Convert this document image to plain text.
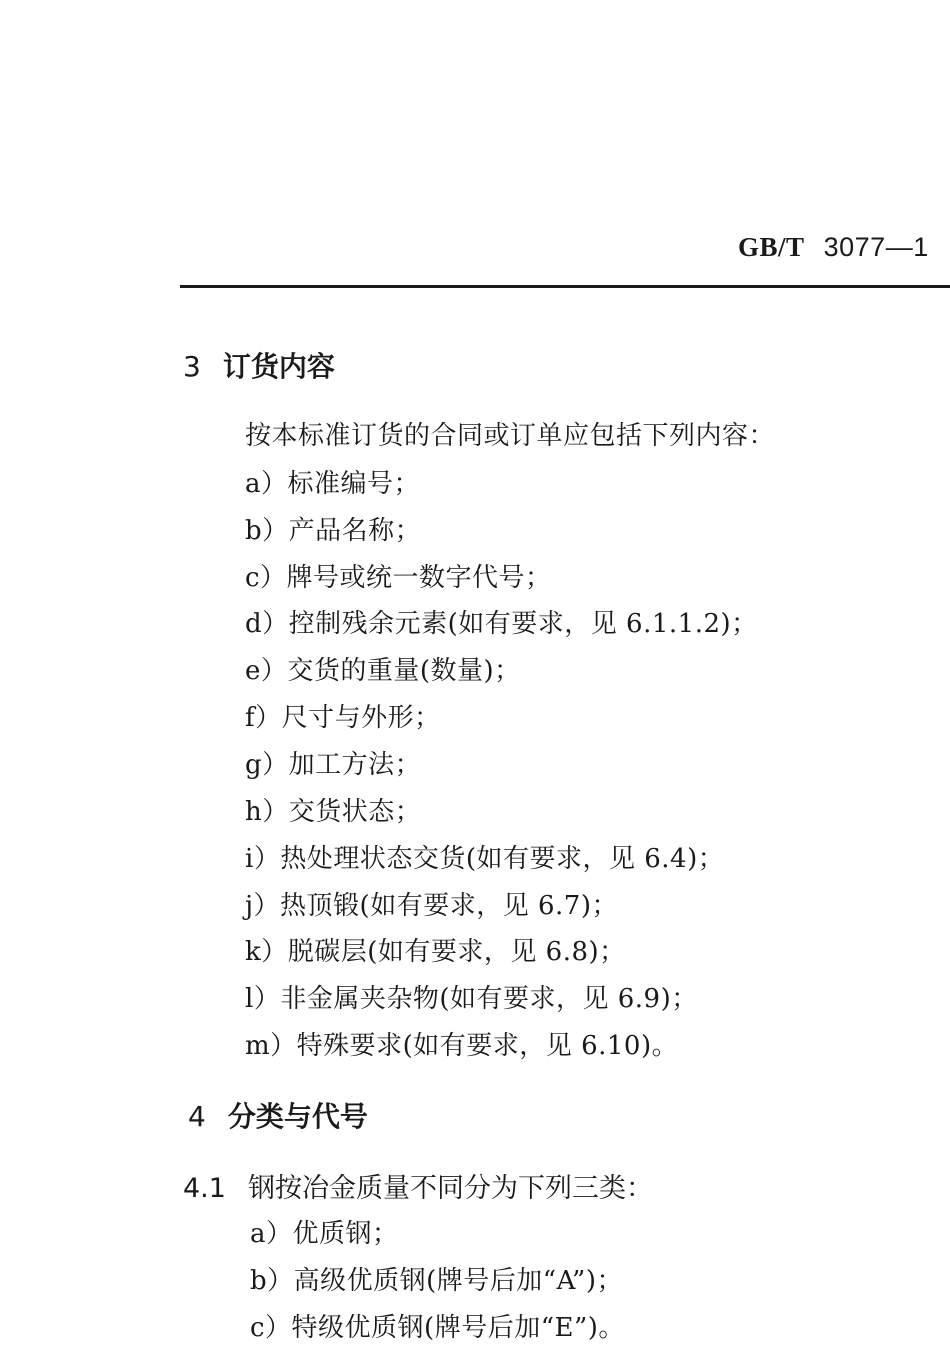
GB/T 3077—1
3 订货内容
按本标准订货的合同或订单应包括下列内容：
a）标准编号；
b）产品名称；
c）牌号或统一数字代号；
d）控制残余元素(如有要求，见 6.1.1.2)；
e）交货的重量(数量)；
f）尺寸与外形；
g）加工方法；
h）交货状态；
i）热处理状态交货(如有要求，见 6.4)；
j）热顶锻(如有要求，见 6.7)；
k）脱碳层(如有要求，见 6.8)；
l）非金属夹杂物(如有要求，见 6.9)；
m）特殊要求(如有要求，见 6.10)。
4 分类与代号
4.1 钢按冶金质量不同分为下列三类：
a）优质钢；
b）高级优质钢(牌号后加“A”)；
c）特级优质钢(牌号后加“E”)。
